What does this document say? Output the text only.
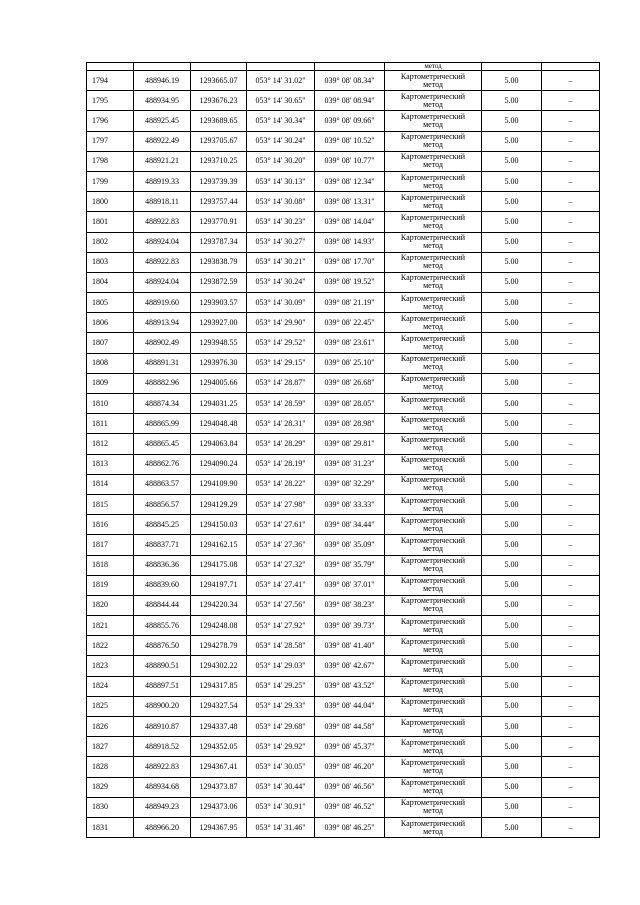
					метод		
1794	488946.19	1293665.07	053° 14' 31.02"	039° 08' 08.34"	Картометрический
метод	5.00	–
1795	488934.95	1293676.23	053° 14' 30.65"	039° 08' 08.94"	Картометрический
метод	5.00	–
1796	488925.45	1293689.65	053° 14' 30.34"	039° 08' 09.66"	Картометрический
метод	5.00	–
1797	488922.49	1293705.67	053° 14' 30.24"	039° 08' 10.52"	Картометрический
метод	5.00	–
1798	488921.21	1293710.25	053° 14' 30.20"	039° 08' 10.77"	Картометрический
метод	5.00	–
1799	488919.33	1293739.39	053° 14' 30.13"	039° 08' 12.34"	Картометрический
метод	5.00	–
1800	488918.11	1293757.44	053° 14' 30.08"	039° 08' 13.31"	Картометрический
метод	5.00	–
1801	488922.83	1293770.91	053° 14' 30.23"	039° 08' 14.04"	Картометрический
метод	5.00	–
1802	488924.04	1293787.34	053° 14' 30.27"	039° 08' 14.93"	Картометрический
метод	5.00	–
1803	488922.83	1293838.79	053° 14' 30.21"	039° 08' 17.70"	Картометрический
метод	5.00	–
1804	488924.04	1293872.59	053° 14' 30.24"	039° 08' 19.52"	Картометрический
метод	5.00	–
1805	488919.60	1293903.57	053° 14' 30.09"	039° 08' 21.19"	Картометрический
метод	5.00	–
1806	488913.94	1293927.00	053° 14' 29.90"	039° 08' 22.45"	Картометрический
метод	5.00	–
1807	488902.49	1293948.55	053° 14' 29.52"	039° 08' 23.61"	Картометрический
метод	5.00	–
1808	488891.31	1293976.30	053° 14' 29.15"	039° 08' 25.10"	Картометрический
метод	5.00	–
1809	488882.96	1294005.66	053° 14' 28.87"	039° 08' 26.68"	Картометрический
метод	5.00	–
1810	488874.34	1294031.25	053° 14' 28.59"	039° 08' 28.05"	Картометрический
метод	5.00	–
1811	488865.99	1294048.48	053° 14' 28.31"	039° 08' 28.98"	Картометрический
метод	5.00	–
1812	488865.45	1294063.84	053° 14' 28.29"	039° 08' 29.81"	Картометрический
метод	5.00	–
1813	488862.76	1294090.24	053° 14' 28.19"	039° 08' 31.23"	Картометрический
метод	5.00	–
1814	488863.57	1294109.90	053° 14' 28.22"	039° 08' 32.29"	Картометрический
метод	5.00	–
1815	488856.57	1294129.29	053° 14' 27.98"	039° 08' 33.33"	Картометрический
метод	5.00	–
1816	488845.25	1294150.03	053° 14' 27.61"	039° 08' 34.44"	Картометрический
метод	5.00	–
1817	488837.71	1294162.15	053° 14' 27.36"	039° 08' 35.09"	Картометрический
метод	5.00	–
1818	488836.36	1294175.08	053° 14' 27.32"	039° 08' 35.79"	Картометрический
метод	5.00	–
1819	488839.60	1294197.71	053° 14' 27.41"	039° 08' 37.01"	Картометрический
метод	5.00	–
1820	488844.44	1294220.34	053° 14' 27.56"	039° 08' 38.23"	Картометрический
метод	5.00	–
1821	488855.76	1294248.08	053° 14' 27.92"	039° 08' 39.73"	Картометрический
метод	5.00	–
1822	488876.50	1294278.79	053° 14' 28.58"	039° 08' 41.40"	Картометрический
метод	5.00	–
1823	488890.51	1294302.22	053° 14' 29.03"	039° 08' 42.67"	Картометрический
метод	5.00	–
1824	488897.51	1294317.85	053° 14' 29.25"	039° 08' 43.52"	Картометрический
метод	5.00	–
1825	488900.20	1294327.54	053° 14' 29.33"	039° 08' 44.04"	Картометрический
метод	5.00	–
1826	488910.87	1294337.48	053° 14' 29.68"	039° 08' 44.58"	Картометрический
метод	5.00	–
1827	488918.52	1294352.05	053° 14' 29.92"	039° 08' 45.37"	Картометрический
метод	5.00	–
1828	488922.83	1294367.41	053° 14' 30.05"	039° 08' 46.20"	Картометрический
метод	5.00	–
1829	488934.68	1294373.87	053° 14' 30.44"	039° 08' 46.56"	Картометрический
метод	5.00	–
1830	488949.23	1294373.06	053° 14' 30.91"	039° 08' 46.52"	Картометрический
метод	5.00	–
1831	488966.20	1294367.95	053° 14' 31.46"	039° 08' 46.25"	Картометрический
метод	5.00	–
